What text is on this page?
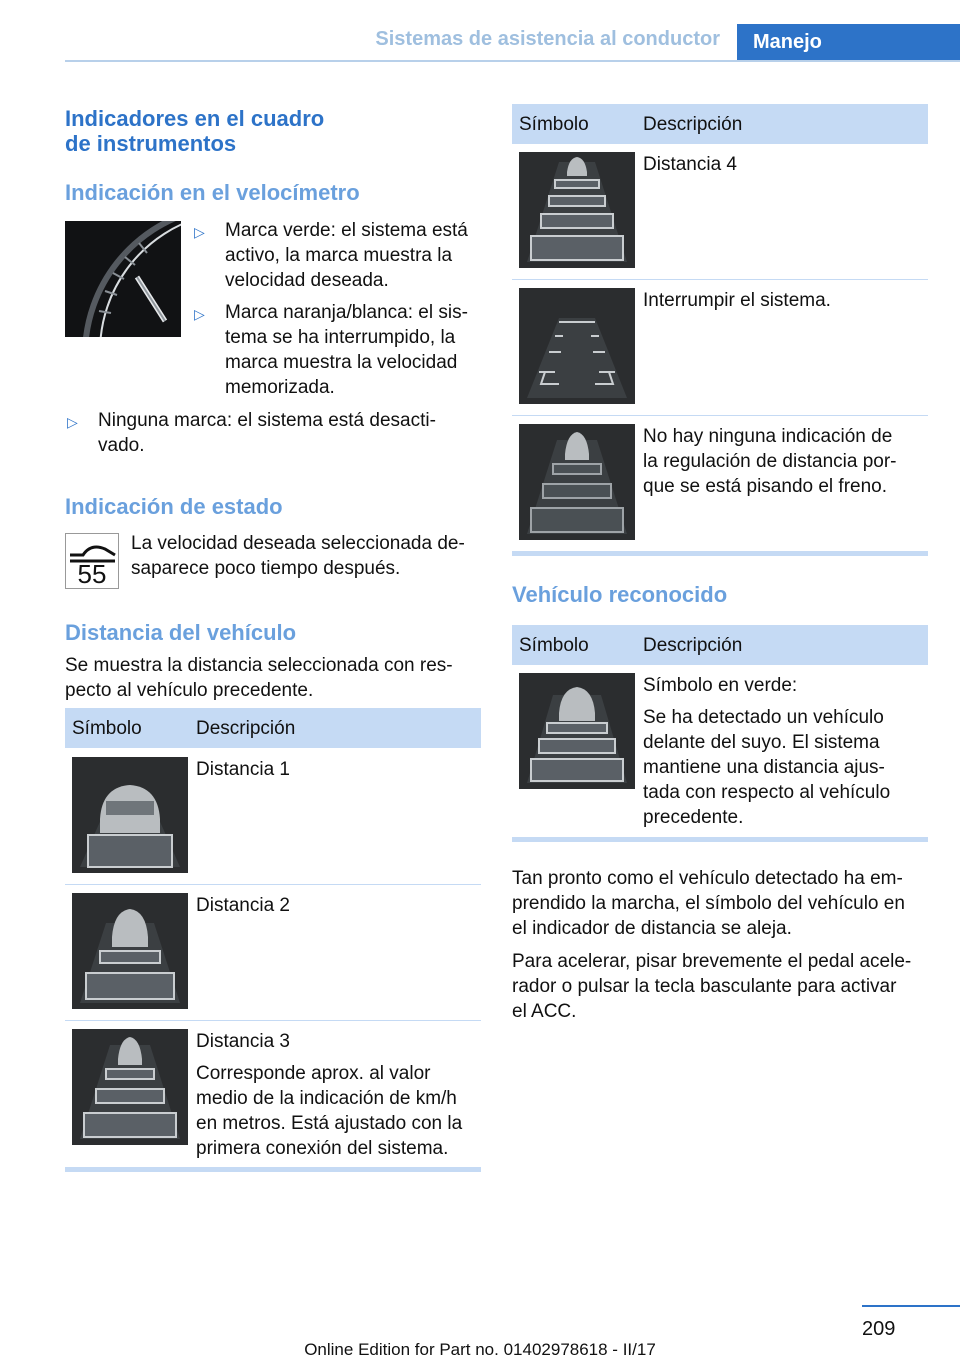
Sistemas de asistencia al conductor	Manejo
Indicadores en el cuadro
de instrumentos
Indicación en el velocímetro
▷ Marca verde: el sistema está
activo, la marca muestra la
velocidad deseada.
▷ Marca naranja/blanca: el sis‐
tema se ha interrumpido, la
marca muestra la velocidad
memorizada.
▷ Ninguna marca: el sistema está desacti‐
vado.
Indicación de estado
55
La velocidad deseada seleccionada de‐
saparece poco tiempo después.
Distancia del vehículo
Se muestra la distancia seleccionada con res‐
pecto al vehículo precedente.
Símbolo	Descripción
Distancia 1
Distancia 2
Distancia 3
Corresponde aprox. al valor
medio de la indicación de km/h
en metros. Está ajustado con la
primera conexión del sistema.
Símbolo	Descripción
Distancia 4
Interrumpir el sistema.
No hay ninguna indicación de
la regulación de distancia por‐
que se está pisando el freno.
Vehículo reconocido
Símbolo	Descripción
Símbolo en verde:
Se ha detectado un vehículo
delante del suyo. El sistema
mantiene una distancia ajus‐
tada con respecto al vehículo
precedente.
Tan pronto como el vehículo detectado ha em‐
prendido la marcha, el símbolo del vehículo en
el indicador de distancia se aleja.
Para acelerar, pisar brevemente el pedal acele‐
rador o pulsar la tecla basculante para activar
el ACC.
209
Online Edition for Part no. 01402978618 - II/17
